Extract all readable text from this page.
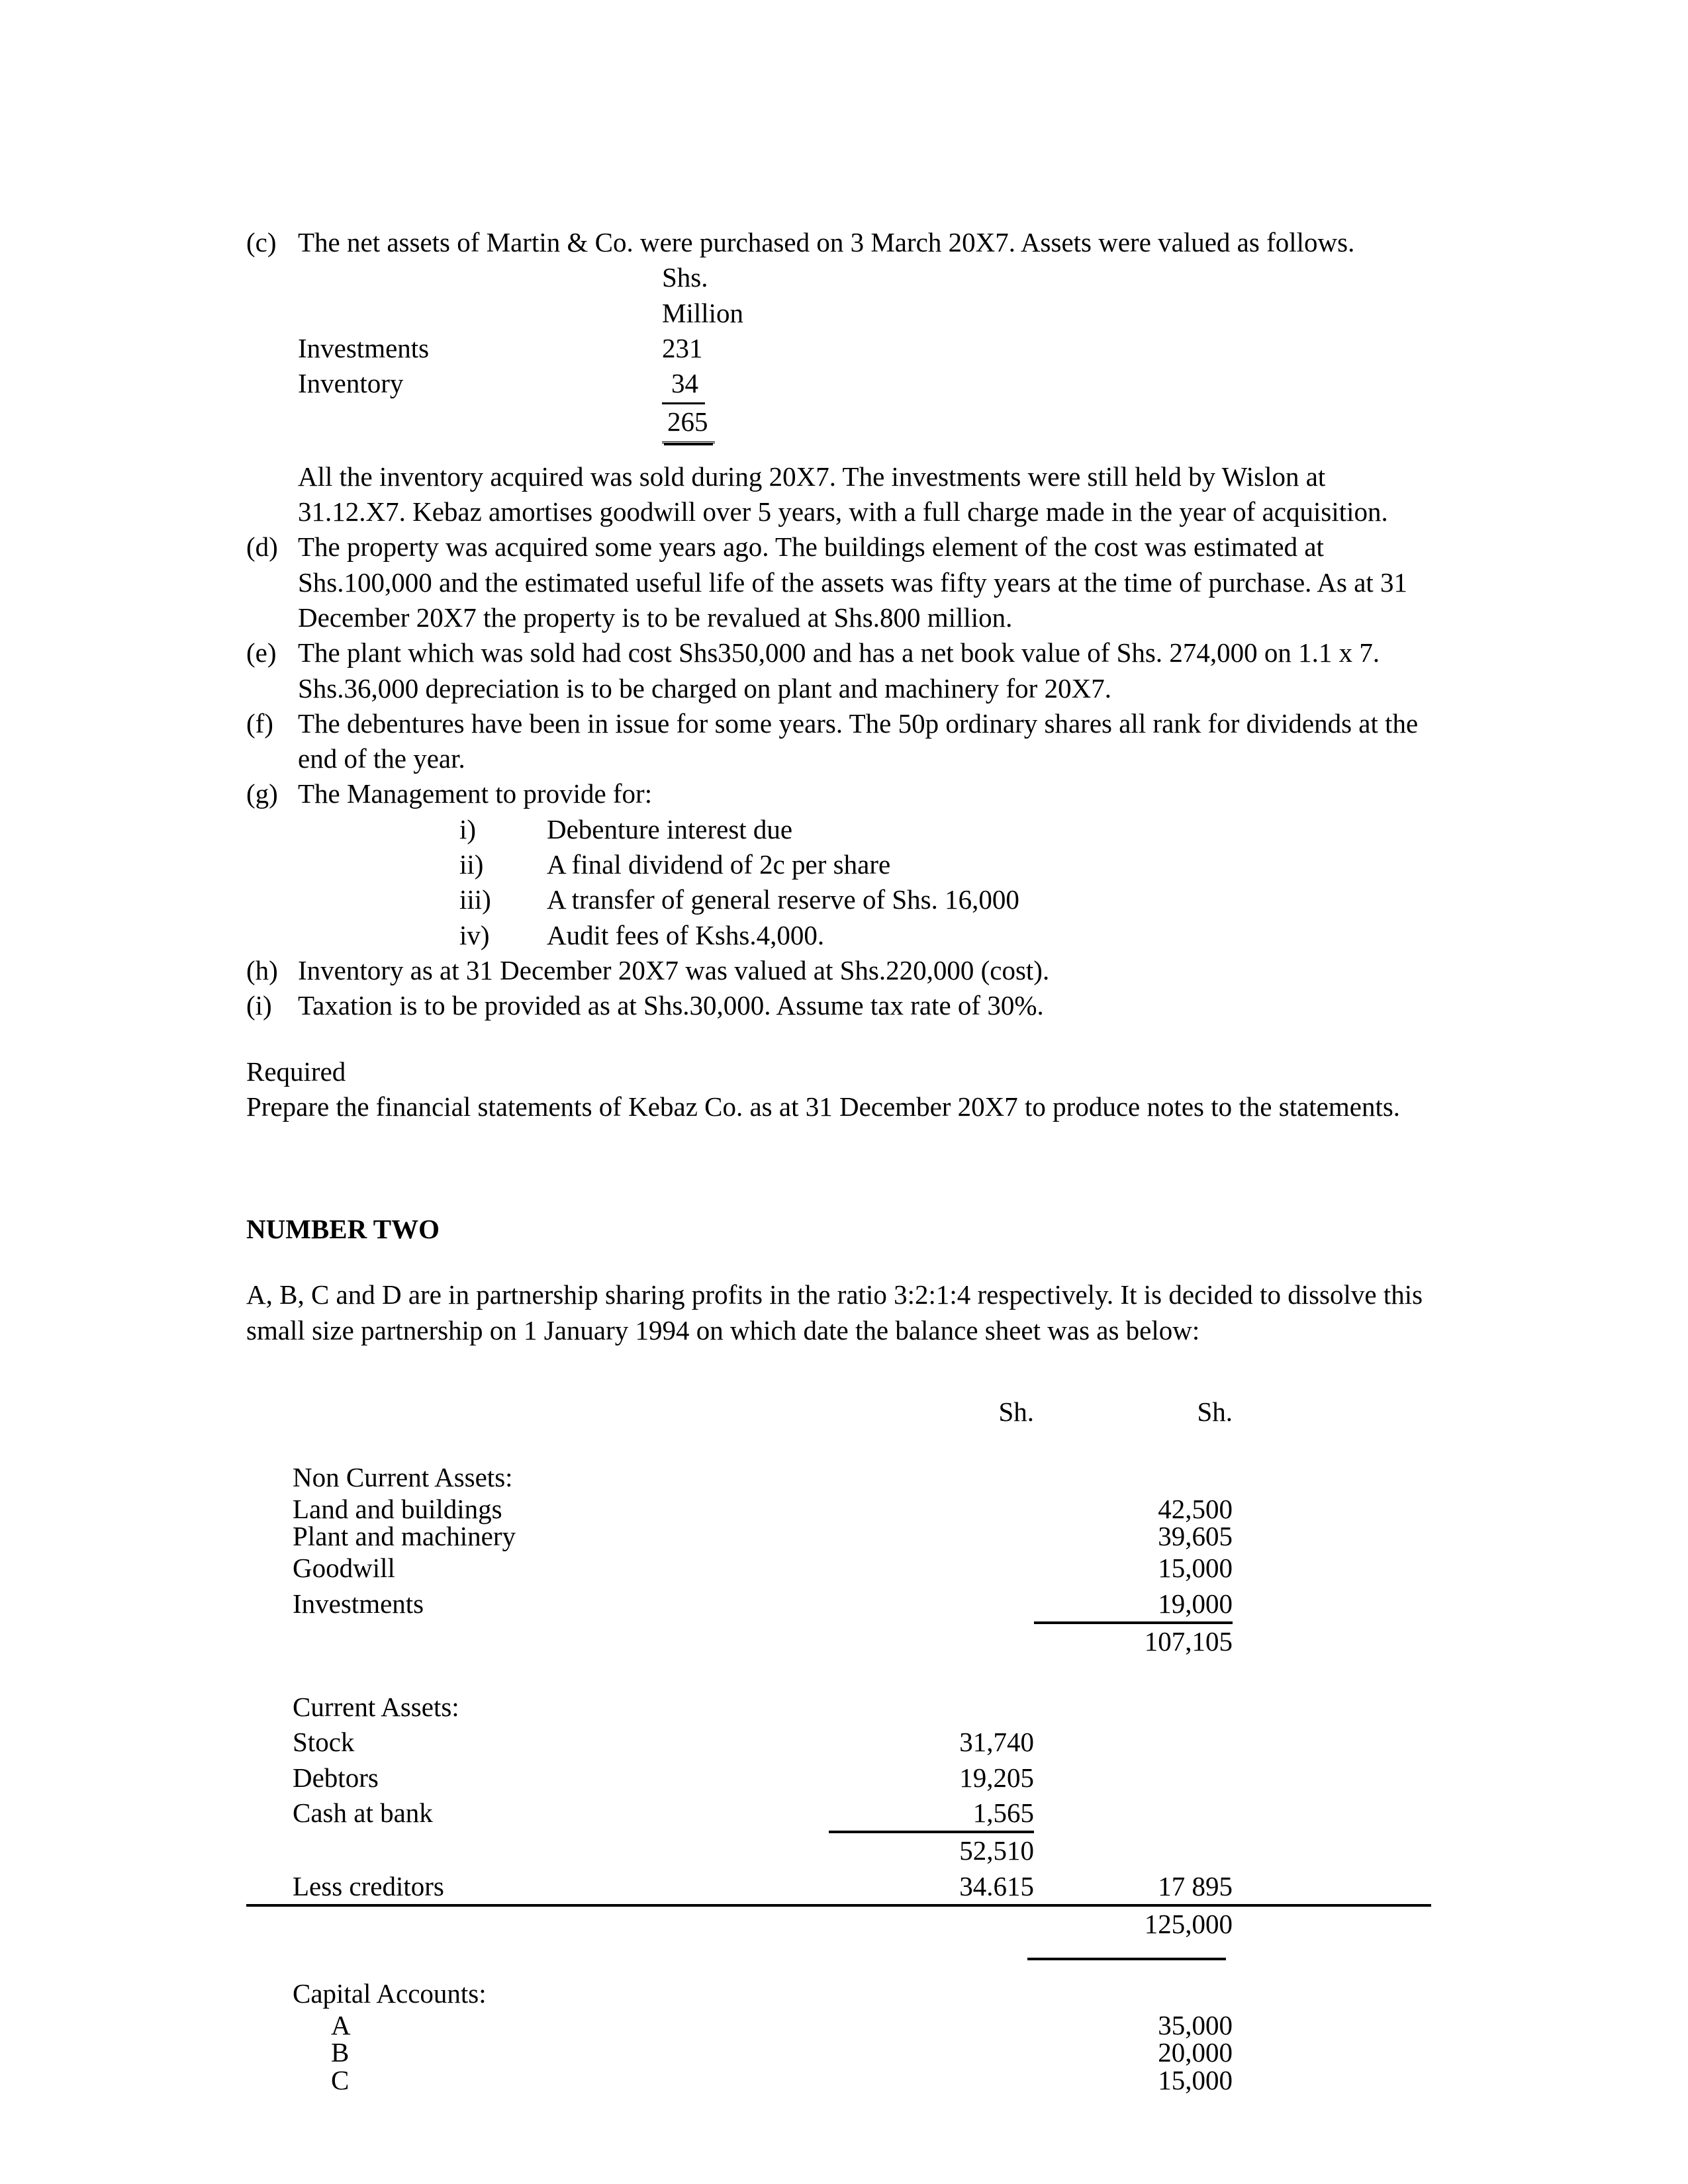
(c) The net assets of Martin & Co. were purchased on 3 March 20X7. Assets were valued as follows.
Shs. Million
Investments	231
Inventory	34
265

All the inventory acquired was sold during 20X7. The investments were still held by Wislon at 31.12.X7. Kebaz amortises goodwill over 5 years, with a full charge made in the year of acquisition.

(d) The property was acquired some years ago. The buildings element of the cost was estimated at Shs.100,000 and the estimated useful life of the assets was fifty years at the time of purchase. As at 31 December 20X7 the property is to be revalued at Shs.800 million.
(e) The plant which was sold had cost Shs350,000 and has a net book value of Shs. 274,000 on 1.1 x 7. Shs.36,000 depreciation is to be charged on plant and machinery for 20X7.
(f) The debentures have been in issue for some years. The 50p ordinary shares all rank for dividends at the end of the year.
(g) The Management to provide for:
i)	Debenture interest due
ii)	A final dividend of 2c per share
iii)	A transfer of general reserve of Shs. 16,000
iv)	Audit fees of Kshs.4,000.
(h) Inventory as at 31 December 20X7 was valued at Shs.220,000 (cost).
(i) Taxation is to be provided as at Shs.30,000. Assume tax rate of 30%.

Required

Prepare the financial statements of Kebaz Co. as at 31 December 20X7 to produce notes to the statements.

NUMBER TWO

A, B, C and D are in partnership sharing profits in the ratio 3:2:1:4 respectively. It is decided to dissolve this small size partnership on 1 January 1994 on which date the balance sheet was as below:

Sh.	Sh.
Non Current Assets:
Land and buildings	42,500
Plant and machinery	39,605
Goodwill	15,000
Investments	19,000
107,105
Current Assets:
Stock	31,740
Debtors	19,205
Cash at bank	1,565
52,510
Less creditors	34.615	17 895
125,000
Capital Accounts:
A	35,000
B	20,000
C	15,000
